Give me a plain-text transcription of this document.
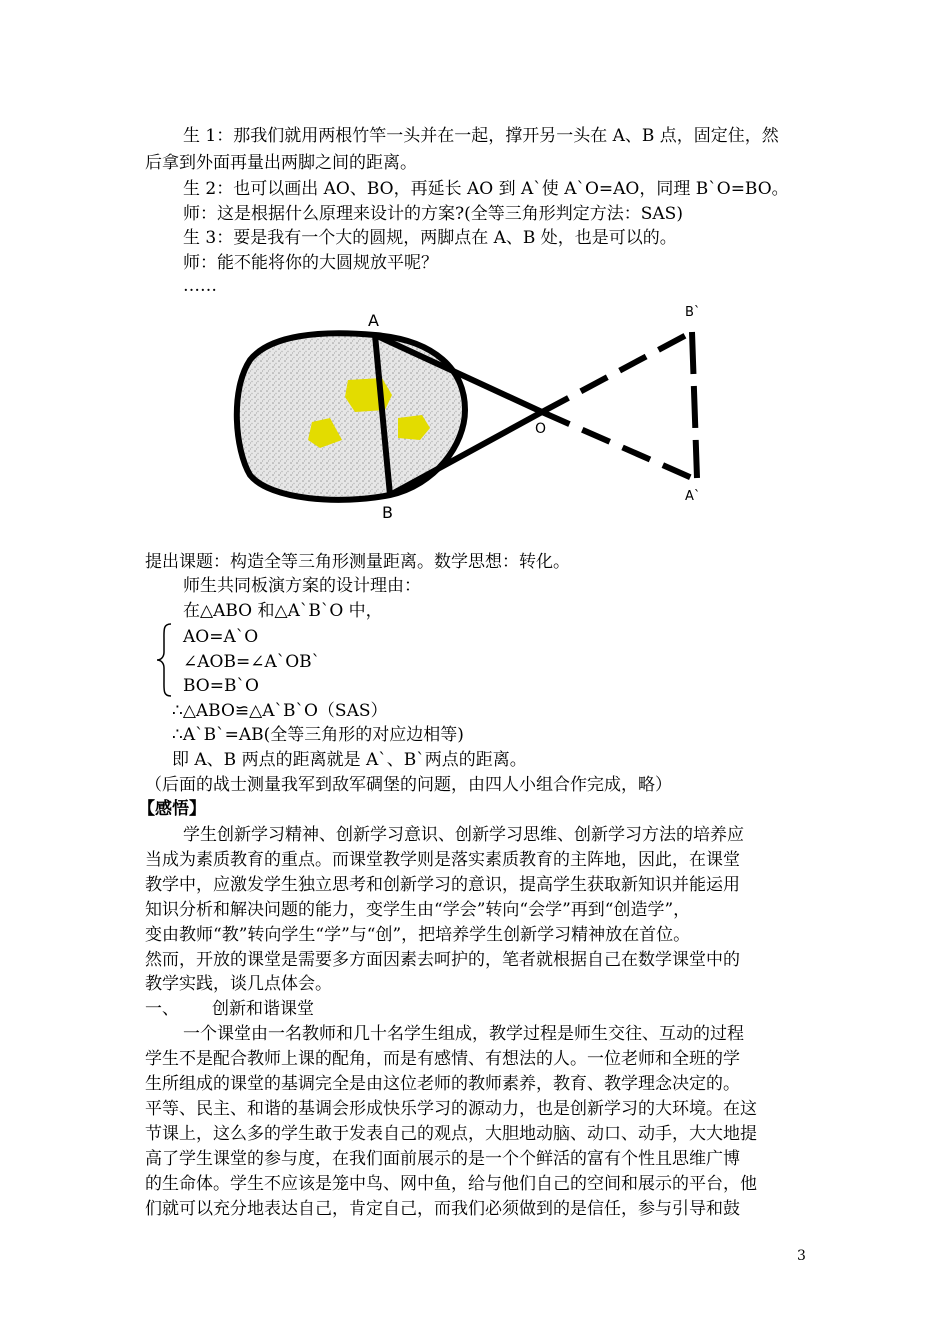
生 1：那我们就用两根竹竿一头并在一起，撑开另一头在 A、B 点，固定住，然
后拿到外面再量出两脚之间的距离。
生 2：也可以画出 AO、BO，再延长 AO 到 A`使 A`O=AO，同理 B`O=BO。
师：这是根据什么原理来设计的方案?(全等三角形判定方法：SAS)
生 3：要是我有一个大的圆规，两脚点在 A、B 处，也是可以的。
师：能不能将你的大圆规放平呢？
……
A
B
O
B`
A`
提出课题：构造全等三角形测量距离。数学思想：转化。
师生共同板演方案的设计理由：
在△ABO 和△A`B`O 中，
AO=A`O
∠AOB=∠A`OB`
BO=B`O
∴△ABO≌△A`B`O（SAS）
∴A`B`=AB(全等三角形的对应边相等)
即 A、B 两点的距离就是 A`、B`两点的距离。
（后面的战士测量我军到敌军碉堡的问题，由四人小组合作完成，略）
【感悟】
学生创新学习精神、创新学习意识、创新学习思维、创新学习方法的培养应
当成为素质教育的重点。而课堂教学则是落实素质教育的主阵地，因此，在课堂
教学中，应激发学生独立思考和创新学习的意识，提高学生获取新知识并能运用
知识分析和解决问题的能力，变学生由“学会”转向“会学”再到“创造学”，
变由教师“教”转向学生“学”与“创”，把培养学生创新学习精神放在首位。
然而，开放的课堂是需要多方面因素去呵护的，笔者就根据自己在数学课堂中的
教学实践，谈几点体会。
一、	创新和谐课堂
一个课堂由一名教师和几十名学生组成，教学过程是师生交往、互动的过程
学生不是配合教师上课的配角，而是有感情、有想法的人。一位老师和全班的学
生所组成的课堂的基调完全是由这位老师的教师素养，教育、教学理念决定的。
平等、民主、和谐的基调会形成快乐学习的源动力，也是创新学习的大环境。在这
节课上，这么多的学生敢于发表自己的观点，大胆地动脑、动口、动手，大大地提
高了学生课堂的参与度，在我们面前展示的是一个个鲜活的富有个性且思维广博
的生命体。学生不应该是笼中鸟、网中鱼，给与他们自己的空间和展示的平台，他
们就可以充分地表达自己，肯定自己，而我们必须做到的是信任，参与引导和鼓
3
